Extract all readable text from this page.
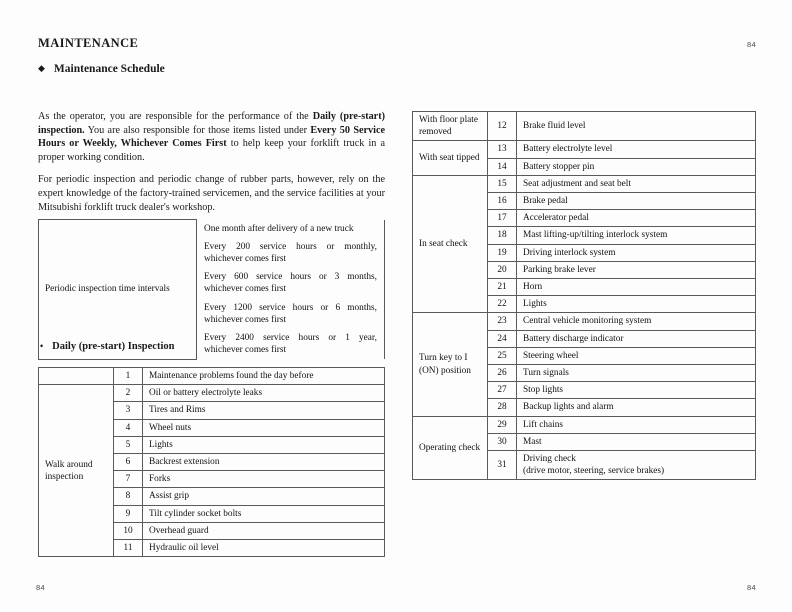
84
84	84
MAINTENANCE
◆ Maintenance Schedule

As the operator, you are responsible for the performance of the Daily (pre-start) inspection. You are also responsible for those items listed under Every 50 Service Hours or Weekly, Whichever Comes First to help keep your forklift truck in a proper working condition.

For periodic inspection and periodic change of rubber parts, however, rely on the expert knowledge of the factory-trained servicemen, and the service facilities at your Mitsubishi forklift truck dealer's workshop.

• Daily (pre-start) Inspection
Periodic inspection time intervals	One month after delivery of a new truck
Every 200 service hours or monthly, whichever comes first
Every 600 service hours or 3 months, whichever comes first
Every 1200 service hours or 6 months, whichever comes first
Every 2400 service hours or 1 year, whichever comes first
	1	Maintenance problems found the day before
Walk around inspection	2	Oil or battery electrolyte leaks
	3	Tires and Rims
	4	Wheel nuts
	5	Lights
	6	Backrest extension
	7	Forks
	8	Assist grip
	9	Tilt cylinder socket bolts
	10	Overhead guard
	11	Hydraulic oil level
With floor plate removed	12	Brake fluid level
With seat tipped	13	Battery electrolyte level
	14	Battery stopper pin
In seat check	15	Seat adjustment and seat belt
	16	Brake pedal
	17	Accelerator pedal
	18	Mast lifting-up/tilting interlock system
	19	Driving interlock system
	20	Parking brake lever
	21	Horn
	22	Lights
Turn key to I (ON) position	23	Central vehicle monitoring system
	24	Battery discharge indicator
	25	Steering wheel
	26	Turn signals
	27	Stop lights
	28	Backup lights and alarm
Operating check	29	Lift chains
	30	Mast
	31	Driving check
(drive motor, steering, service brakes)
